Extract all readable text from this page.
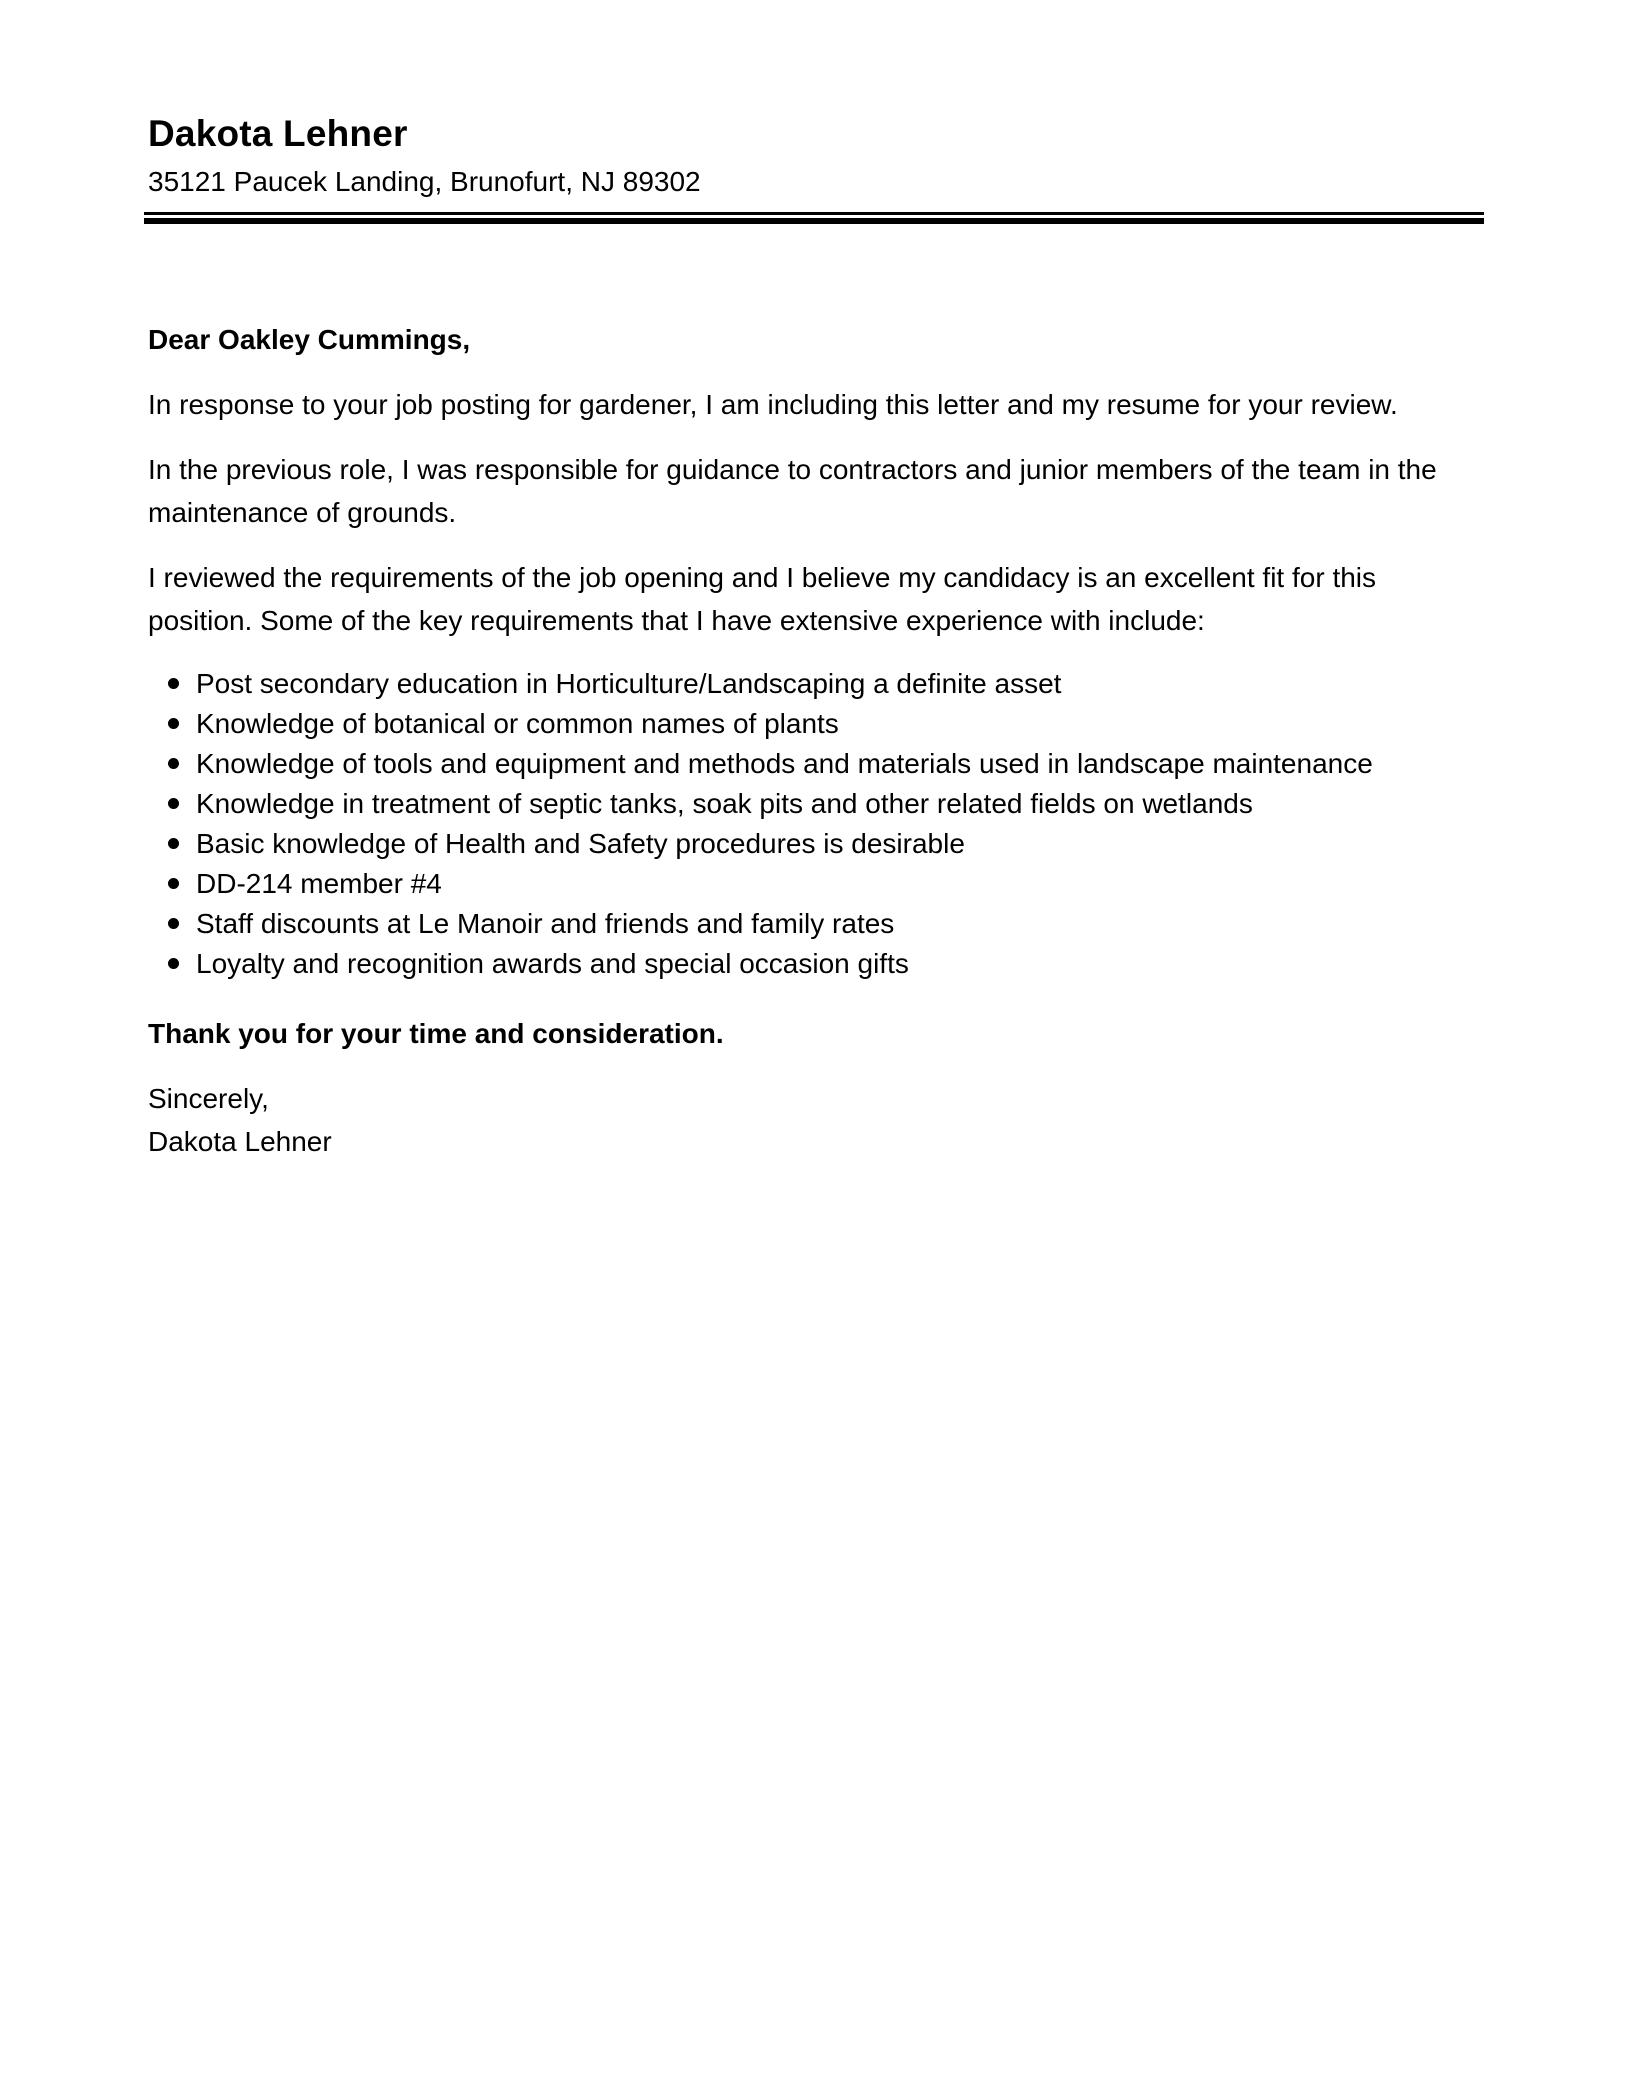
Dakota Lehner
35121 Paucek Landing, Brunofurt, NJ 89302

Dear Oakley Cummings,

In response to your job posting for gardener, I am including this letter and my resume for your review.

In the previous role, I was responsible for guidance to contractors and junior members of the team in the maintenance of grounds.

I reviewed the requirements of the job opening and I believe my candidacy is an excellent fit for this position. Some of the key requirements that I have extensive experience with include:

Post secondary education in Horticulture/Landscaping a definite asset
Knowledge of botanical or common names of plants
Knowledge of tools and equipment and methods and materials used in landscape maintenance
Knowledge in treatment of septic tanks, soak pits and other related fields on wetlands
Basic knowledge of Health and Safety procedures is desirable
DD-214 member #4
Staff discounts at Le Manoir and friends and family rates
Loyalty and recognition awards and special occasion gifts

Thank you for your time and consideration.

Sincerely,
Dakota Lehner
